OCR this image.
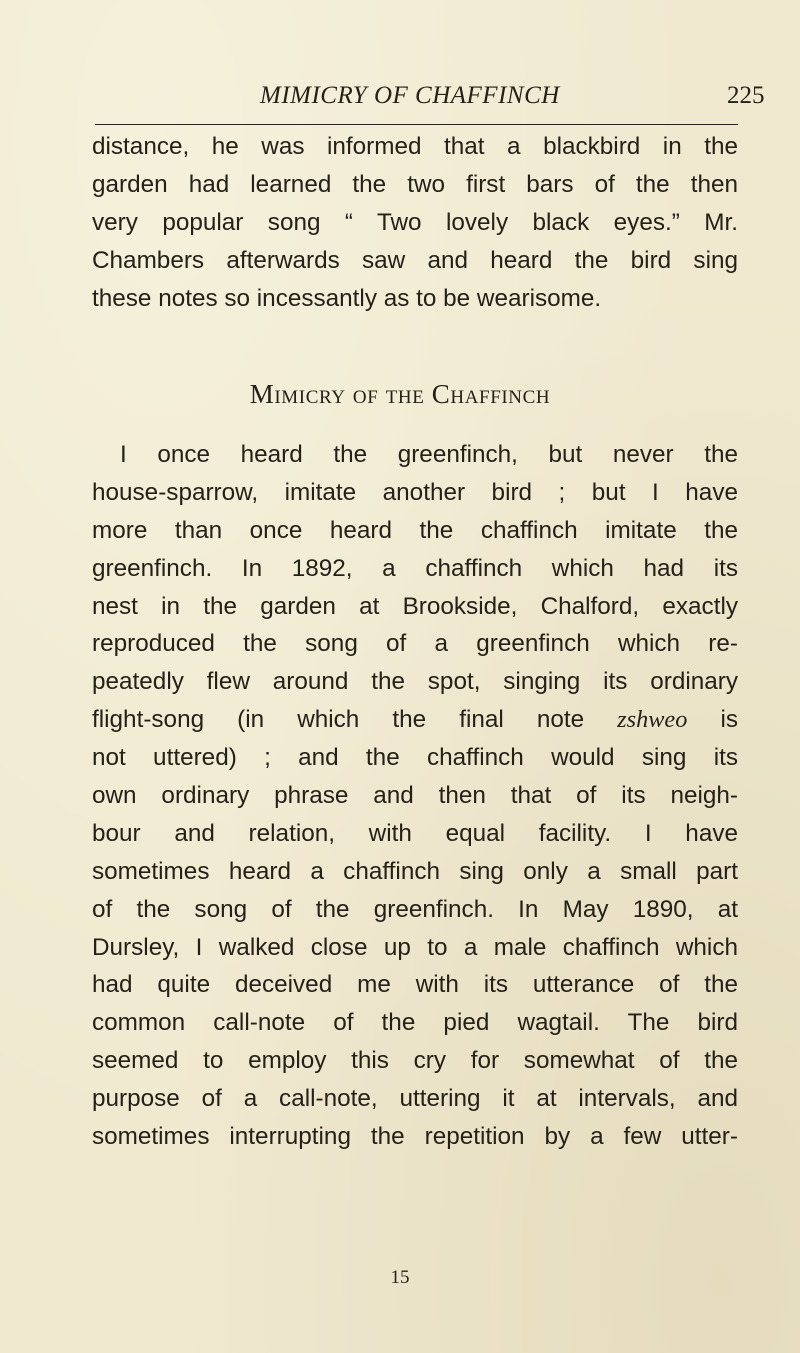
MIMICRY OF CHAFFINCH	225
distance, he was informed that a blackbird in the
garden had learned the two first bars of the then
very popular song “ Two lovely black eyes.” Mr.
Chambers afterwards saw and heard the bird sing
these notes so incessantly as to be wearisome.
Mimicry of the Chaffinch
I once heard the greenfinch, but never the
house-sparrow, imitate another bird ; but I have
more than once heard the chaffinch imitate the
greenfinch. In 1892, a chaffinch which had its
nest in the garden at Brookside, Chalford, exactly
reproduced the song of a greenfinch which re-
peatedly flew around the spot, singing its ordinary
flight-song (in which the final note zshweo is
not uttered) ; and the chaffinch would sing its
own ordinary phrase and then that of its neigh-
bour and relation, with equal facility. I have
sometimes heard a chaffinch sing only a small part
of the song of the greenfinch. In May 1890, at
Dursley, I walked close up to a male chaffinch which
had quite deceived me with its utterance of the
common call-note of the pied wagtail. The bird
seemed to employ this cry for somewhat of the
purpose of a call-note, uttering it at intervals, and
sometimes interrupting the repetition by a few utter-
15
